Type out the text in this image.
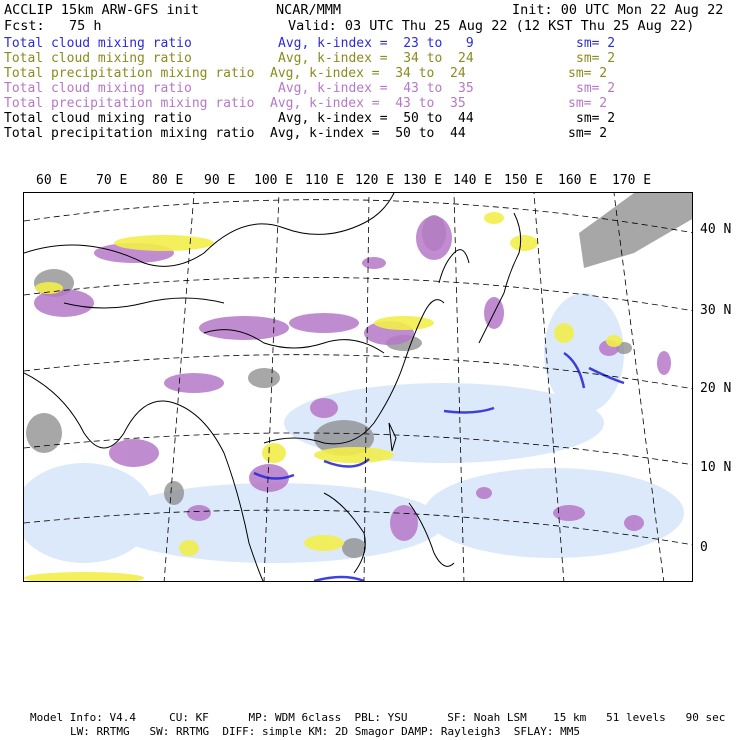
ACCLIP 15km ARW-GFS init	NCAR/MMM	Init: 00 UTC Mon 22 Aug 22
Fcst:   75 h	Valid: 03 UTC Thu 25 Aug 22 (12 KST Thu 25 Aug 22)
Total cloud mixing ratio	Avg, k-index =  23 to   9	sm= 2
Total cloud mixing ratio	Avg, k-index =  34 to  24	sm= 2
Total precipitation mixing ratio Avg, k-index =  34 to  24	sm= 2
Total cloud mixing ratio	Avg, k-index =  43 to  35	sm= 2
Total precipitation mixing ratio Avg, k-index =  43 to  35	sm= 2
Total cloud mixing ratio	Avg, k-index =  50 to  44	sm= 2
Total precipitation mixing ratio Avg, k-index =  50 to  44	sm= 2
60 E 70 E 80 E 90 E 100 E 110 E 120 E 130 E 140 E 150 E 160 E 170 E
40 N
30 N
20 N
10 N
0
Model Info: V4.4     CU: KF      MP: WDM 6class  PBL: YSU      SF: Noah LSM    15 km   51 levels   90 sec
LW: RRTMG   SW: RRTMG  DIFF: simple KM: 2D Smagor DAMP: Rayleigh3  SFLAY: MM5
